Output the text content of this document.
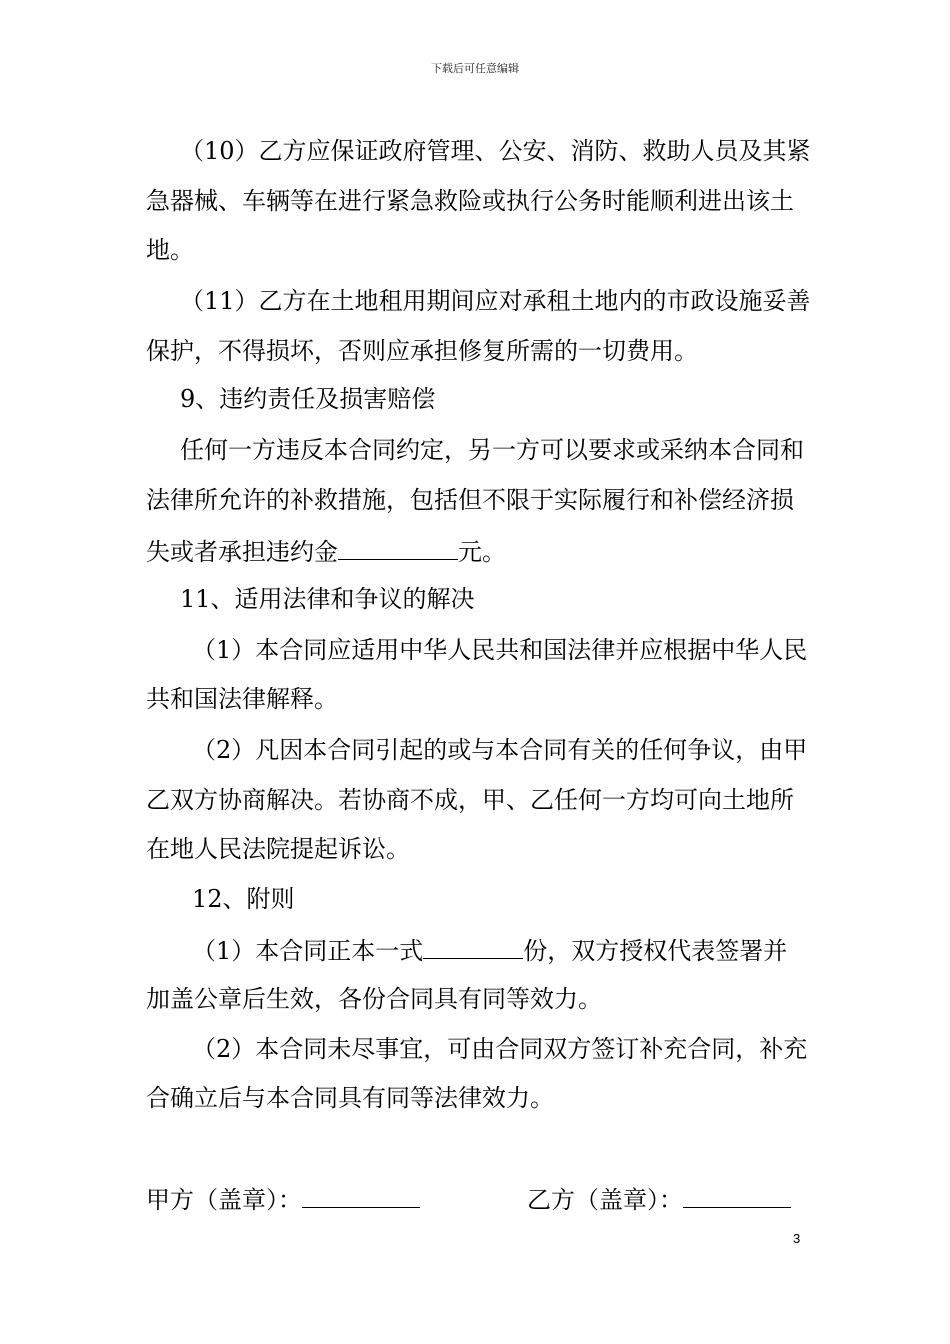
下载后可任意编辑
（10）乙方应保证政府管理、公安、消防、救助人员及其紧
急器械、车辆等在进行紧急救险或执行公务时能顺利进出该土
地。
（11）乙方在土地租用期间应对承租土地内的市政设施妥善
保护，不得损坏，否则应承担修复所需的一切费用。
9、违约责任及损害赔偿
任何一方违反本合同约定，另一方可以要求或采纳本合同和
法律所允许的补救措施，包括但不限于实际履行和补偿经济损
失或者承担违约金	元。
11、适用法律和争议的解决
（1）本合同应适用中华人民共和国法律并应根据中华人民
共和国法律解释。
（2）凡因本合同引起的或与本合同有关的任何争议，由甲
乙双方协商解决。若协商不成，甲、乙任何一方均可向土地所
在地人民法院提起诉讼。
12、附则
（1）本合同正本一式	份，双方授权代表签署并
加盖公章后生效，各份合同具有同等效力。
（2）本合同未尽事宜，可由合同双方签订补充合同，补充
合确立后与本合同具有同等法律效力。
甲方（盖章）：	乙方（盖章）：
3
